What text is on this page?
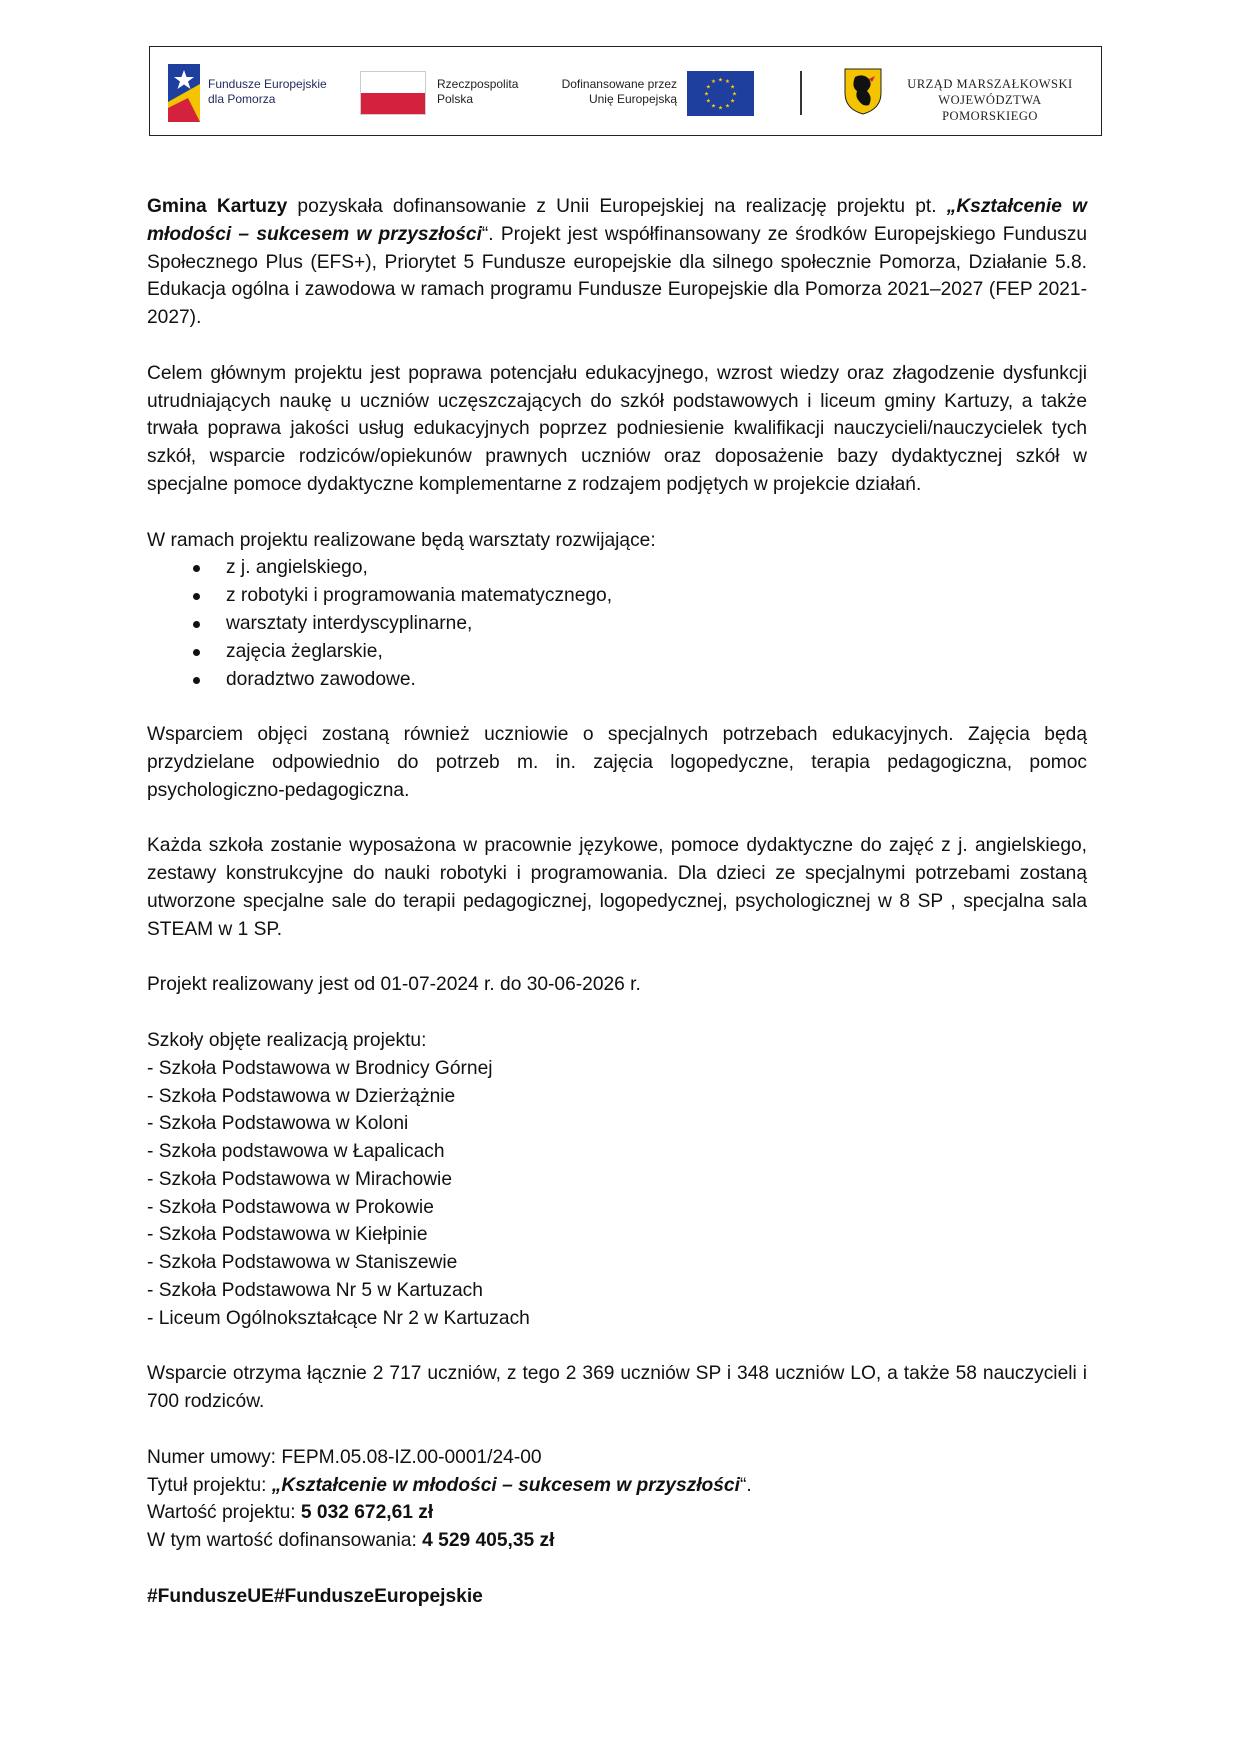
Fundusze Europejskie
dla Pomorza
Rzeczpospolita
Polska
Dofinansowane przez
Unię Europejską
★ ★
★
★
★
★
★
★
★
★
★
★	URZĄD MARSZAŁKOWSKI
WOJEWÓDZTWA POMORSKIEGO

Gmina Kartuzy pozyskała dofinansowanie z Unii Europejskiej na realizację projektu pt. „Kształcenie w młodości – sukcesem w przyszłości“. Projekt jest współfinansowany ze środków Europejskiego Funduszu Społecznego Plus (EFS+), Priorytet 5 Fundusze europejskie dla silnego społecznie Pomorza, Działanie 5.8. Edukacja ogólna i zawodowa w ramach programu Fundusze Europejskie dla Pomorza 2021–2027 (FEP 2021-2027).

Celem głównym projektu jest poprawa potencjału edukacyjnego, wzrost wiedzy oraz złagodzenie dysfunkcji utrudniających naukę u uczniów uczęszczających do szkół podstawowych i liceum gminy Kartuzy, a także trwała poprawa jakości usług edukacyjnych poprzez podniesienie kwalifikacji nauczycieli/nauczycielek tych szkół, wsparcie rodziców/opiekunów prawnych uczniów oraz doposażenie bazy dydaktycznej szkół w specjalne pomoce dydaktyczne komplementarne z rodzajem podjętych w projekcie działań.

W ramach projektu realizowane będą warsztaty rozwijające:

z j. angielskiego,
z robotyki i programowania matematycznego,
warsztaty interdyscyplinarne,
zajęcia żeglarskie,
doradztwo zawodowe.

Wsparciem objęci zostaną również uczniowie o specjalnych potrzebach edukacyjnych. Zajęcia będą przydzielane odpowiednio do potrzeb m. in. zajęcia logopedyczne, terapia pedagogiczna, pomoc psychologiczno-pedagogiczna.

Każda szkoła zostanie wyposażona w pracownie językowe, pomoce dydaktyczne do zajęć z j. angielskiego, zestawy konstrukcyjne do nauki robotyki i programowania. Dla dzieci ze specjalnymi potrzebami zostaną utworzone specjalne sale do terapii pedagogicznej, logopedycznej, psychologicznej w 8 SP , specjalna sala STEAM w 1 SP.

Projekt realizowany jest od 01-07-2024 r. do 30-06-2026 r.

Szkoły objęte realizacją projektu:

- Szkoła Podstawowa w Brodnicy Górnej
- Szkoła Podstawowa w Dzierżążnie
- Szkoła Podstawowa w Koloni
- Szkoła podstawowa w Łapalicach
- Szkoła Podstawowa w Mirachowie
- Szkoła Podstawowa w Prokowie
- Szkoła Podstawowa w Kiełpinie
- Szkoła Podstawowa w Staniszewie
- Szkoła Podstawowa Nr 5 w Kartuzach
- Liceum Ogólnokształcące Nr 2 w Kartuzach

Wsparcie otrzyma łącznie 2 717 uczniów, z tego 2 369 uczniów SP i 348 uczniów LO, a także 58 nauczycieli i 700 rodziców.

Numer umowy: FEPM.05.08-IZ.00-0001/24-00
Tytuł projektu: „Kształcenie w młodości – sukcesem w przyszłości“.
Wartość projektu: 5 032 672,61 zł
W tym wartość dofinansowania: 4 529 405,35 zł
#FunduszeUE#FunduszeEuropejskie
